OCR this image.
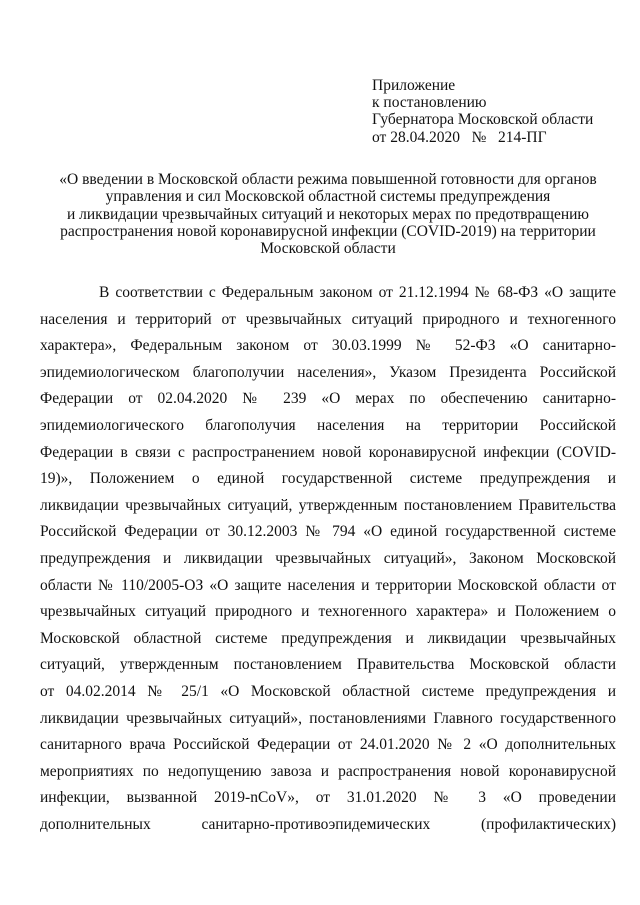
Приложение
к постановлению
Губернатора Московской области
от 28.04.2020   №   214-ПГ
«О введении в Московской области режима повышенной готовности для органов
управления и сил Московской областной системы предупреждения
и ликвидации чрезвычайных ситуаций и некоторых мерах по предотвращению
распространения новой коронавирусной инфекции (COVID-2019) на территории
Московской области
В соответствии с Федеральным законом от 21.12.1994 № 68-ФЗ «О защите
населения и территорий от чрезвычайных ситуаций природного и техногенного
характера», Федеральным законом от 30.03.1999 № 52-ФЗ «О санитарно-
эпидемиологическом благополучии населения», Указом Президента Российской
Федерации от 02.04.2020 № 239 «О мерах по обеспечению санитарно-
эпидемиологического благополучия населения на территории Российской
Федерации в связи с распространением новой коронавирусной инфекции (COVID-
19)», Положением о единой государственной системе предупреждения и
ликвидации чрезвычайных ситуаций, утвержденным постановлением Правительства
Российской Федерации от 30.12.2003 № 794 «О единой государственной системе
предупреждения и ликвидации чрезвычайных ситуаций», Законом Московской
области № 110/2005-ОЗ «О защите населения и территории Московской области от
чрезвычайных ситуаций природного и техногенного характера» и Положением о
Московской областной системе предупреждения и ликвидации чрезвычайных
ситуаций, утвержденным постановлением Правительства Московской области
от 04.02.2014 № 25/1 «О Московской областной системе предупреждения и
ликвидации чрезвычайных ситуаций», постановлениями Главного государственного
санитарного врача Российской Федерации от 24.01.2020 № 2 «О дополнительных
мероприятиях по недопущению завоза и распространения новой коронавирусной
инфекции, вызванной 2019-nCoV», от 31.01.2020 № 3 «О проведении
дополнительных санитарно-противоэпидемических (профилактических)
